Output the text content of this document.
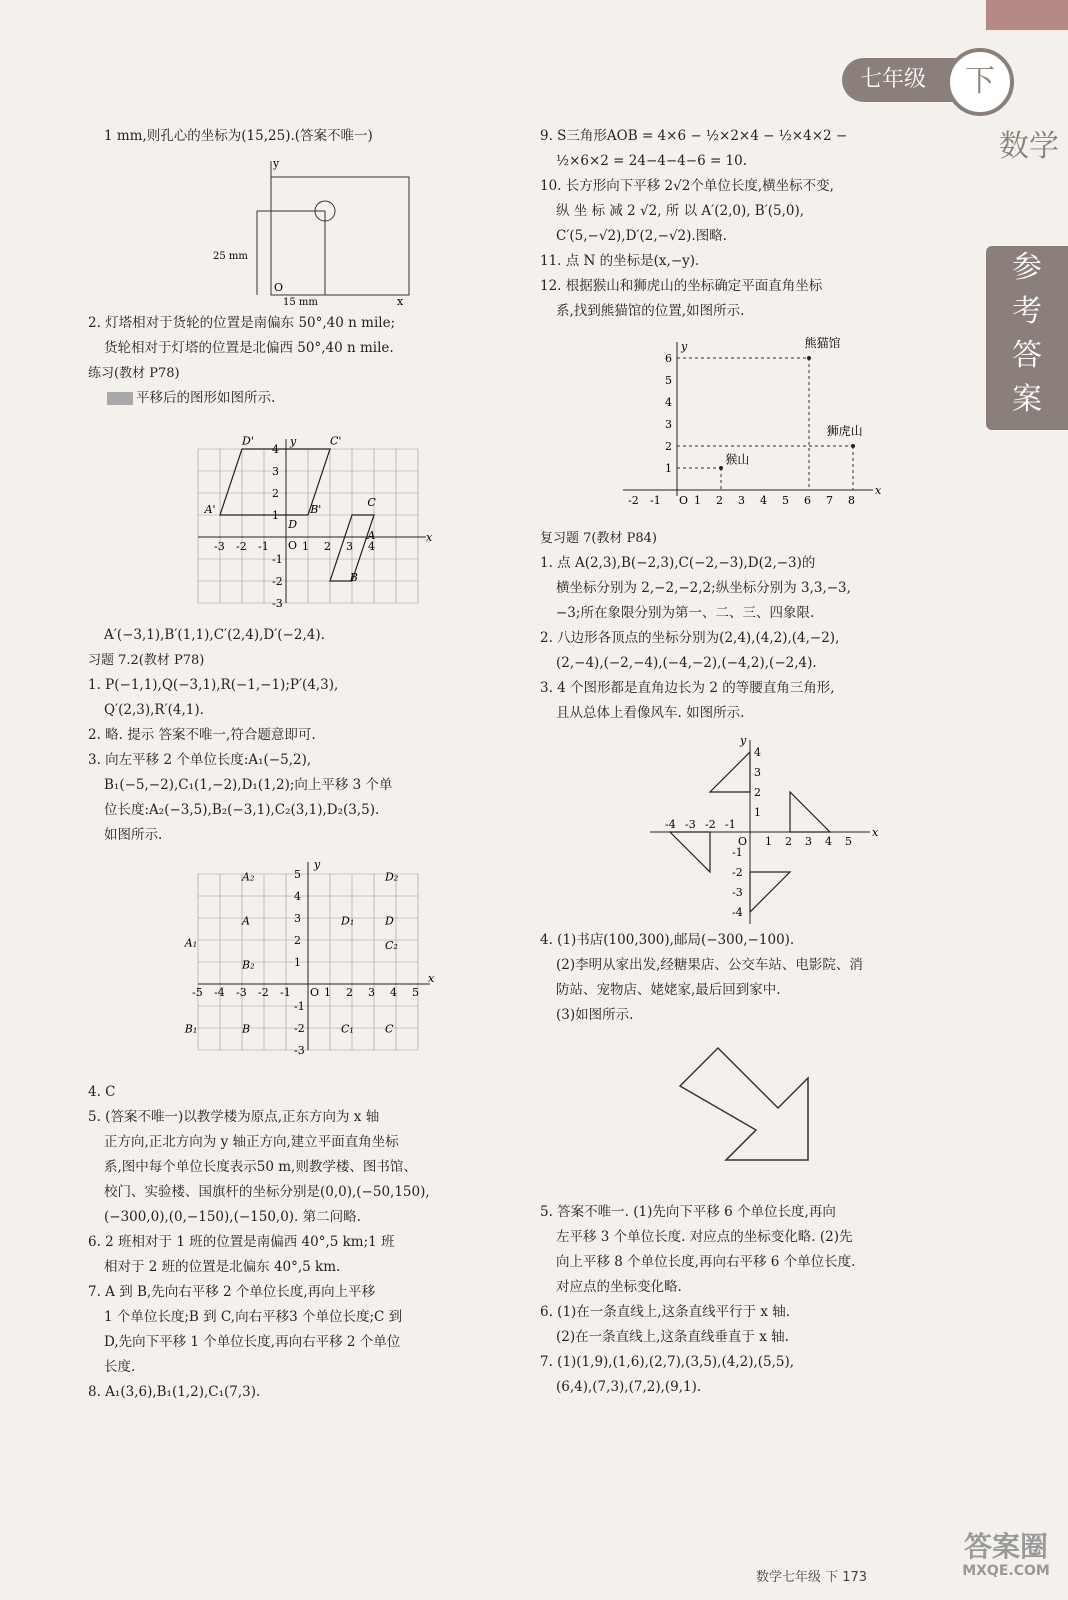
七年级	下
数学
参
考
答
案

1 mm,则孔心的坐标为(15,25).(答案不唯一)

y
x
O
25 mm
15 mm

2. 灯塔相对于货轮的位置是南偏东 50°,40 n mile;

货轮相对于灯塔的位置是北偏西 50°,40 n mile.

练习(教材 P78)

平移后的图形如图所示.

-3 -2 -1	1 2 3 4
4
3
2
1
-1
-2
-3
D'	C'
A'	B'
D
C
A
B
O
x
y

A′(−3,1),B′(1,1),C′(2,4),D′(−2,4).

习题 7.2(教材 P78)

1. P(−1,1),Q(−3,1),R(−1,−1);P′(4,3),

Q′(2,3),R′(4,1).

2. 略. 提示 答案不唯一,符合题意即可.

3. 向左平移 2 个单位长度:A₁(−5,2),

B₁(−5,−2),C₁(1,−2),D₁(1,2);向上平移 3 个单

位长度:A₂(−3,5),B₂(−3,1),C₂(3,1),D₂(3,5).

如图所示.

-5 -4 -3 -2 -1	1 2 3 4 5
5
4
3
2
1
-1
-2
-3
A₂	D₂
A	D₁	D
A₁	C₂
B₂
B₁	B	C₁	C
O
x
y

4. C

5. (答案不唯一)以教学楼为原点,正东方向为 x 轴

正方向,正北方向为 y 轴正方向,建立平面直角坐标

系,图中每个单位长度表示50 m,则教学楼、图书馆、

校门、实验楼、国旗杆的坐标分别是(0,0),(−50,150),

(−300,0),(0,−150),(−150,0). 第二问略.

6. 2 班相对于 1 班的位置是南偏西 40°,5 km;1 班

相对于 2 班的位置是北偏东 40°,5 km.

7. A 到 B,先向右平移 2 个单位长度,再向上平移

1 个单位长度;B 到 C,向右平移3 个单位长度;C 到

D,先向下平移 1 个单位长度,再向右平移 2 个单位

长度.

8. A₁(3,6),B₁(1,2),C₁(7,3).

9. S三角形AOB = 4×6 − ½×2×4 − ½×4×2 −

½×6×2 = 24−4−4−6 = 10.

10. 长方形向下平移 2√2个单位长度,横坐标不变,

纵 坐 标 减 2 √2, 所 以 A′(2,0), B′(5,0),

C′(5,−√2),D′(2,−√2).图略.

11. 点 N 的坐标是(x,−y).

12. 根据猴山和狮虎山的坐标确定平面直角坐标

系,找到熊猫馆的位置,如图所示.

-2 -1	1 2 3 4 5 6 7 8
1
2
3
4
5
6
熊猫馆
狮虎山
猴山
y
x
O

复习题 7(教材 P84)

1. 点 A(2,3),B(−2,3),C(−2,−3),D(2,−3)的

横坐标分别为 2,−2,−2,2;纵坐标分别为 3,3,−3,

−3;所在象限分别为第一、二、三、四象限.

2. 八边形各顶点的坐标分别为(2,4),(4,2),(4,−2),

(2,−4),(−2,−4),(−4,−2),(−4,2),(−2,4).

3. 4 个图形都是直角边长为 2 的等腰直角三角形,

且从总体上看像风车. 如图所示.

-4 -3 -2 -1
1 2 3 4 5
4
3
2
1
-1
-2
-3
-4
y
x
O

4. (1)书店(100,300),邮局(−300,−100).

(2)李明从家出发,经糖果店、公交车站、电影院、消

防站、宠物店、姥姥家,最后回到家中.

(3)如图所示.

5. 答案不唯一. (1)先向下平移 6 个单位长度,再向

左平移 3 个单位长度. 对应点的坐标变化略. (2)先

向上平移 8 个单位长度,再向右平移 6 个单位长度.

对应点的坐标变化略.

6. (1)在一条直线上,这条直线平行于 x 轴.

(2)在一条直线上,这条直线垂直于 x 轴.

7. (1)(1,9),(1,6),(2,7),(3,5),(4,2),(5,5),

(6,4),(7,3),(7,2),(9,1).

数学七年级 下 173
答案圈
MXQE.COM
